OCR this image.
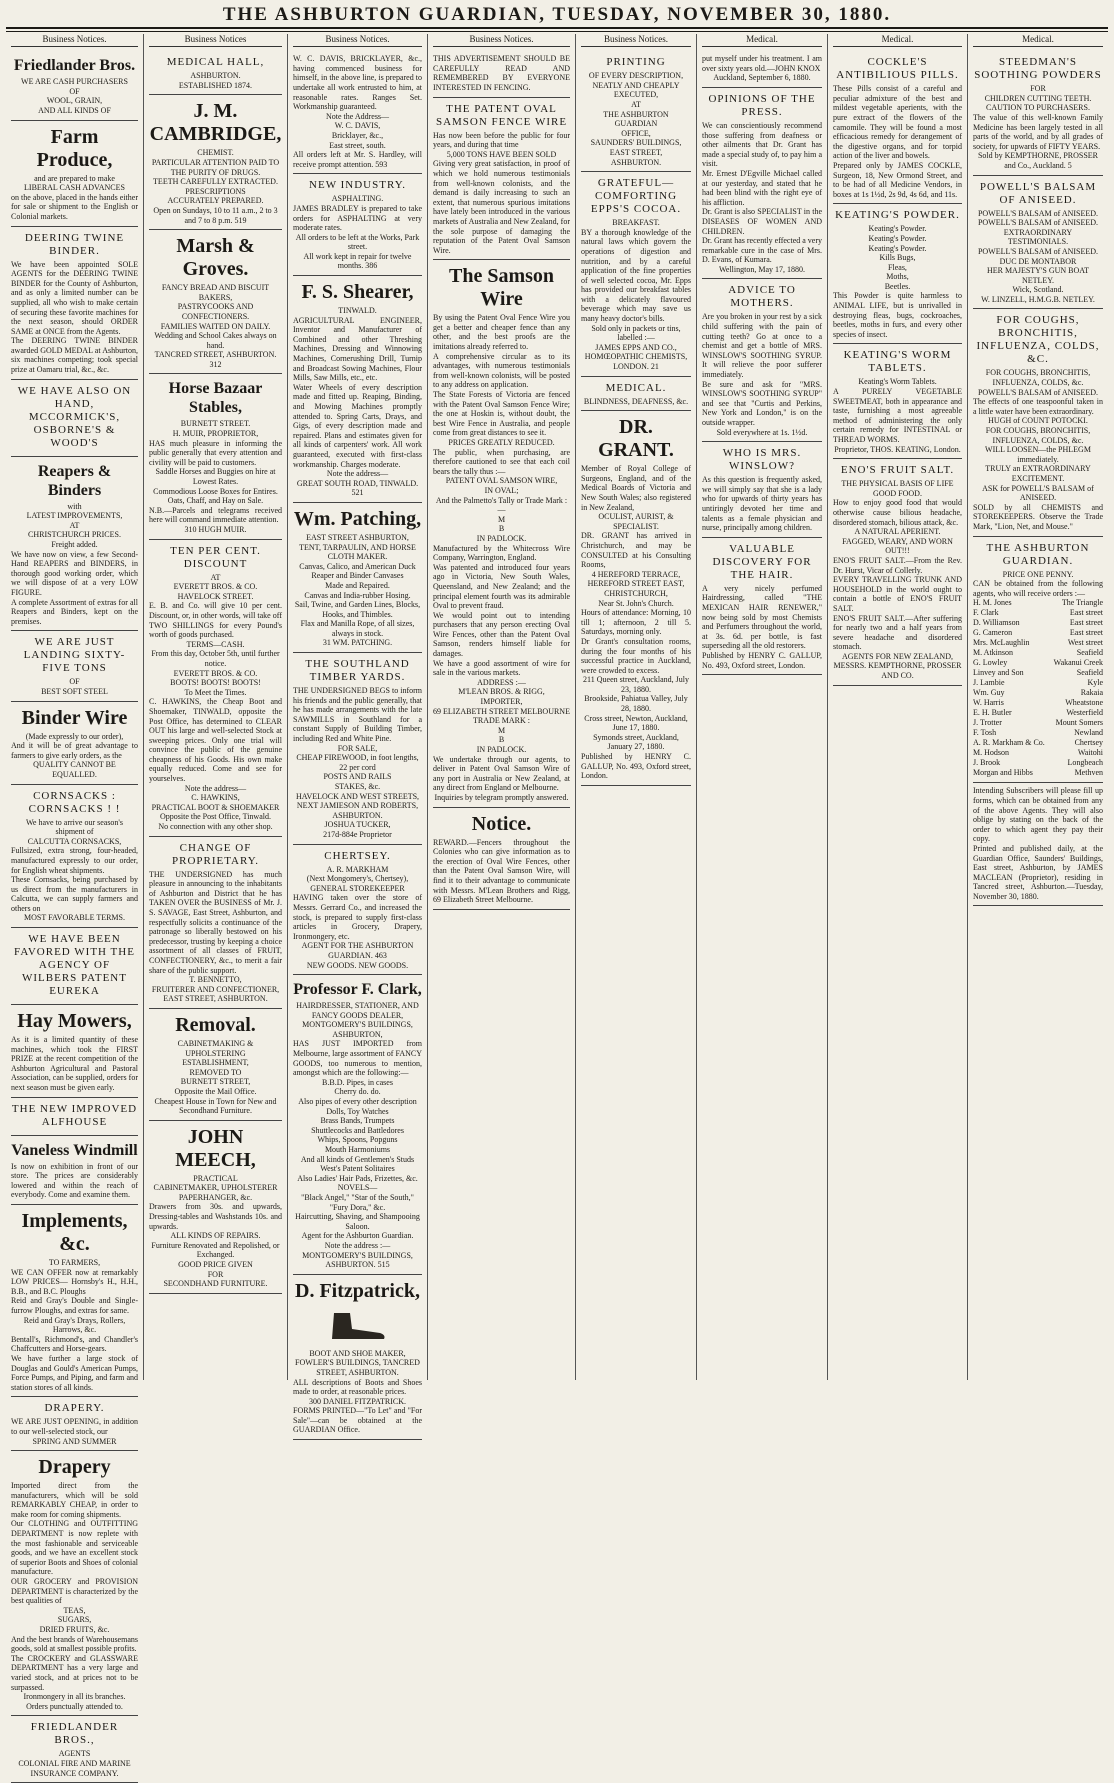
THE ASHBURTON GUARDIAN, TUESDAY, NOVEMBER 30, 1880.
Business Notices.
Friedlander Bros.
WE ARE CASH PURCHASERS
OF
WOOL, GRAIN,
AND ALL KINDS OF
Farm Produce,
and are prepared to make
LIBERAL CASH ADVANCES
on the above, placed in the hands either for sale or shipment to the English or Colonial markets.
DEERING TWINE BINDER.
We have been appointed SOLE AGENTS for the DEERING TWINE BINDER for the County of Ashburton, and as only a limited number can be supplied, all who wish to make certain of securing these favorite machines for the next season, should ORDER SAME at ONCE from the Agents.
The DEERING TWINE BINDER awarded GOLD MEDAL at Ashburton, six machines competing; took special prize at Oamaru trial, &c., &c.
WE HAVE ALSO ON HAND, MCCORMICK'S, OSBORNE'S & WOOD'S
Reapers & Binders
with
LATEST IMPROVEMENTS,
AT
CHRISTCHURCH PRICES.
Freight added.
We have now on view, a few Second-Hand REAPERS and BINDERS, in thorough good working order, which we will dispose of at a very LOW FIGURE.
A complete Assortment of extras for all Reapers and Binders, kept on the premises.
WE ARE JUST LANDING SIXTY-FIVE TONS
OF
BEST SOFT STEEL
Binder Wire
(Made expressly to our order),
And it will be of great advantage to farmers to give early orders, as the
QUALITY CANNOT BE EQUALLED.
CORNSACKS : CORNSACKS ! !
We have to arrive our season's shipment of
CALCUTTA CORNSACKS,
Fullsized, extra strong, four-headed, manufactured expressly to our order, for English wheat shipments.
These Cornsacks, being purchased by us direct from the manufacturers in Calcutta, we can supply farmers and others on
MOST FAVORABLE TERMS.
WE HAVE BEEN FAVORED WITH THE AGENCY OF WILBERS PATENT EUREKA
Hay Mowers,
As it is a limited quantity of these machines, which took the FIRST PRIZE at the recent competition of the Ashburton Agricultural and Pastoral Association, can be supplied, orders for next season must be given early.
THE NEW IMPROVED ALFHOUSE
Vaneless Windmill
Is now on exhibition in front of our store. The prices are considerably lowered and within the reach of everybody. Come and examine them.
Implements, &c.
TO FARMERS,
WE CAN OFFER now at remarkably LOW PRICES— Hornsby's H., H.H., B.B., and B.C. Ploughs
Reid and Gray's Double and Single-furrow Ploughs, and extras for same.
Reid and Gray's Drays, Rollers, Harrows, &c.
Bentall's, Richmond's, and Chandler's Chaffcutters and Horse-gears.
We have further a large stock of Douglas and Gould's American Pumps, Force Pumps, and Piping, and farm and station stores of all kinds.
DRAPERY.
WE ARE JUST OPENING, in addition to our well-selected stock, our
SPRING AND SUMMER
Drapery
Imported direct from the manufacturers, which will be sold REMARKABLY CHEAP, in order to make room for coming shipments.
Our CLOTHING and OUTFITTING DEPARTMENT is now replete with the most fashionable and serviceable goods, and we have an excellent stock of superior Boots and Shoes of colonial manufacture.
OUR GROCERY and PROVISION DEPARTMENT is characterized by the best qualities of
TEAS,
SUGARS,
DRIED FRUITS, &c.
And the best brands of Warehousemans goods, sold at smallest possible profits.
The CROCKERY and GLASSWARE DEPARTMENT has a very large and varied stock, and at prices not to be surpassed.
Ironmongery in all its branches.
Orders punctually attended to.
FRIEDLANDER BROS.,
AGENTS
COLONIAL FIRE AND MARINE INSURANCE COMPANY.
Business Notices
MEDICAL HALL,
ASHBURTON.
ESTABLISHED 1874.
J. M. CAMBRIDGE,
CHEMIST.
PARTICULAR ATTENTION PAID TO THE PURITY OF DRUGS.
TEETH CAREFULLY EXTRACTED.
PRESCRIPTIONS
ACCURATELY PREPARED.
Open on Sundays, 10 to 11 a.m., 2 to 3 and 7 to 8 p.m. 519
Marsh & Groves.
FANCY BREAD AND BISCUIT BAKERS,
PASTRYCOOKS AND CONFECTIONERS.
FAMILIES WAITED ON DAILY.
Wedding and School Cakes always on hand.
TANCRED STREET, ASHBURTON. 312
Horse Bazaar Stables,
BURNETT STREET.
H. MUIR, PROPRIETOR,
HAS much pleasure in informing the public generally that every attention and civility will be paid to customers.
Saddle Horses and Buggies on hire at Lowest Rates.
Commodious Loose Boxes for Entires.
Oats, Chaff, and Hay on Sale.
N.B.—Parcels and telegrams received here will command immediate attention.
310 HUGH MUIR.
TEN PER CENT. DISCOUNT
AT
EVERETT BROS. & CO.
HAVELOCK STREET.
E. B. and Co. will give 10 per cent. Discount, or, in other words, will take off TWO SHILLINGS for every Pound's worth of goods purchased.
TERMS—CASH.
From this day, October 5th, until further notice.
EVERETT BROS. & CO.
BOOTS! BOOTS! BOOTS!
To Meet the Times.
C. HAWKINS, the Cheap Boot and Shoemaker, TINWALD, opposite the Post Office, has determined to CLEAR OUT his large and well-selected Stock at sweeping prices. Only one trial will convince the public of the genuine cheapness of his Goods. His own make equally reduced. Come and see for yourselves.
Note the address—
C. HAWKINS,
PRACTICAL BOOT & SHOEMAKER
Opposite the Post Office, Tinwald.
No connection with any other shop.
CHANGE OF PROPRIETARY.
THE UNDERSIGNED has much pleasure in announcing to the inhabitants of Ashburton and District that he has TAKEN OVER the BUSINESS of Mr. J. S. SAVAGE, East Street, Ashburton, and respectfully solicits a continuance of the patronage so liberally bestowed on his predecessor, trusting by keeping a choice assortment of all classes of FRUIT, CONFECTIONERY, &c., to merit a fair share of the public support.
T. BENNETTO,
FRUITERER AND CONFECTIONER,
EAST STREET, ASHBURTON.
Removal.
CABINETMAKING & UPHOLSTERING
ESTABLISHMENT,
REMOVED TO
BURNETT STREET,
Opposite the Mail Office.
Cheapest House in Town for New and Secondhand Furniture.
JOHN MEECH,
PRACTICAL
CABINETMAKER, UPHOLSTERER
PAPERHANGER, &c.
Drawers from 30s. and upwards, Dressing-tables and Washstands 10s. and upwards.
ALL KINDS OF REPAIRS.
Furniture Renovated and Repolished, or Exchanged.
GOOD PRICE GIVEN
FOR
SECONDHAND FURNITURE.
Business Notices.
W. C. DAVIS, BRICKLAYER, &c., having commenced business for himself, in the above line, is prepared to undertake all work entrusted to him, at reasonable rates. Ranges Set. Workmanship guaranteed.
Note the Address—
W. C. DAVIS,
Bricklayer, &c.,
East street, south.
All orders left at Mr. S. Hardley, will receive prompt attention. 593
NEW INDUSTRY.
ASPHALTING.
JAMES BRADLEY is prepared to take orders for ASPHALTING at very moderate rates.
All orders to be left at the Works, Park street.
All work kept in repair for twelve months. 386
F. S. Shearer,
TINWALD.
AGRICULTURAL ENGINEER, Inventor and Manufacturer of Combined and other Threshing Machines, Dressing and Winnowing Machines, Cornerushing Drill, Turnip and Broadcast Sowing Machines, Flour Mills, Saw Mills, etc., etc.
Water Wheels of every description made and fitted up. Reaping, Binding, and Mowing Machines promptly attended to. Spring Carts, Drays, and Gigs, of every description made and repaired. Plans and estimates given for all kinds of carpenters' work. All work guaranteed, executed with first-class workmanship. Charges moderate.
Note the address—
GREAT SOUTH ROAD, TINWALD. 521
Wm. Patching,
EAST STREET ASHBURTON,
TENT, TARPAULIN, AND HORSE CLOTH MAKER.
Canvas, Calico, and American Duck
Reaper and Binder Canvases
Made and Repaired.
Canvas and India-rubber Hosing.
Sail, Twine, and Garden Lines, Blocks, Hooks, and Thimbles.
Flax and Manilla Rope, of all sizes, always in stock.
31 WM. PATCHING.
THE SOUTHLAND TIMBER YARDS.
THE UNDERSIGNED BEGS to inform his friends and the public generally, that he has made arrangements with the late SAWMILLS in Southland for a constant Supply of Building Timber, including Red and White Pine.
FOR SALE,
CHEAP FIREWOOD, in foot lengths, 22 per cord
POSTS AND RAILS
STAKES, &c.
HAVELOCK AND WEST STREETS,
NEXT JAMIESON AND ROBERTS,
ASHBURTON.
JOSHUA TUCKER,
217d-884e Proprietor
CHERTSEY.
A. R. MARKHAM
(Next Mongomery's, Chertsey),
GENERAL STOREKEEPER
HAVING taken over the store of Messrs. Gerrard Co., and increased the stock, is prepared to supply first-class articles in Grocery, Drapery, Ironmongery, etc.
AGENT FOR THE ASHBURTON GUARDIAN. 463
NEW GOODS. NEW GOODS.
Professor F. Clark,
HAIRDRESSER, STATIONER, AND FANCY GOODS DEALER,
MONTGOMERY'S BUILDINGS, ASHBURTON,
HAS JUST IMPORTED from Melbourne, large assortment of FANCY GOODS, too numerous to mention, amongst which are the following:—
B.B.D. Pipes, in cases
Cherry do. do.
Also pipes of every other description
Dolls, Toy Watches
Brass Bands, Trumpets
Shuttlecocks and Battledores
Whips, Spoons, Popguns
Mouth Harmoniums
And all kinds of Gentlemen's Studs
West's Patent Solitaires
Also Ladies' Hair Pads, Frizettes, &c.
NOVELS—
"Black Angel," "Star of the South," "Fury Dora," &c.
Haircutting, Shaving, and Shampooing Saloon.
Agent for the Ashburton Guardian.
Note the address :—
MONTGOMERY'S BUILDINGS, ASHBURTON. 515
D. Fitzpatrick,
BOOT AND SHOE MAKER,
FOWLER'S BUILDINGS, TANCRED STREET, ASHBURTON.
ALL descriptions of Boots and Shoes made to order, at reasonable prices.
300 DANIEL FITZPATRICK.
FORMS PRINTED—"To Let" and "For Sale"—can be obtained at the GUARDIAN Office.
Business Notices.
THIS ADVERTISEMENT SHOULD BE CAREFULLY READ AND REMEMBERED BY EVERYONE INTERESTED IN FENCING.
THE PATENT OVAL SAMSON FENCE WIRE
Has now been before the public for four years, and during that time
5,000 TONS HAVE BEEN SOLD
Giving very great satisfaction, in proof of which we hold numerous testimonials from well-known colonists, and the demand is daily increasing to such an extent, that numerous spurious imitations have lately been introduced in the various markets of Australia and New Zealand, for the sole purpose of damaging the reputation of the Patent Oval Samson Wire.
The Samson Wire
By using the Patent Oval Fence Wire you get a better and cheaper fence than any other, and the best proofs are the imitations already referred to.
A comprehensive circular as to its advantages, with numerous testimonials from well-known colonists, will be posted to any address on application.
The State Forests of Victoria are fenced with the Patent Oval Samson Fence Wire; the one at Hoskin is, without doubt, the best Wire Fence in Australia, and people come from great distances to see it.
PRICES GREATLY REDUCED.
The public, when purchasing, are therefore cautioned to see that each coil bears the tally thus :—
PATENT OVAL SAMSON WIRE,
IN OVAL;
And the Palmetto's Tally or Trade Mark :—
M
B
IN PADLOCK.
Manufactured by the Whitecross Wire Company, Warrington, England.
Was patented and introduced four years ago in Victoria, New South Wales, Queensland, and New Zealand; and the principal element fourth was its admirable Oval to prevent fraud.
We would point out to intending purchasers that any person erecting Oval Wire Fences, other than the Patent Oval Samson, renders himself liable for damages.
We have a good assortment of wire for sale in the various markets.
ADDRESS :—
M'LEAN BROS. & RIGG,
IMPORTER,
69 ELIZABETH STREET MELBOURNE
TRADE MARK :
M
B
IN PADLOCK.
We undertake through our agents, to deliver in Patent Oval Samson Wire of any port in Australia or New Zealand, at any direct from England or Melbourne.
Inquiries by telegram promptly answered.
Notice.
REWARD.—Fencers throughout the Colonies who can give information as to the erection of Oval Wire Fences, other than the Patent Oval Samson Wire, will find it to their advantage to communicate with Messrs. M'Lean Brothers and Rigg, 69 Elizabeth Street Melbourne.
Business Notices.
PRINTING
OF EVERY DESCRIPTION,
NEATLY AND CHEAPLY
EXECUTED,
AT
THE ASHBURTON GUARDIAN
OFFICE,
SAUNDERS' BUILDINGS,
EAST STREET,
ASHBURTON.
GRATEFUL—COMFORTING EPPS'S COCOA.
BREAKFAST.
BY a thorough knowledge of the natural laws which govern the operations of digestion and nutrition, and by a careful application of the fine properties of well selected cocoa, Mr. Epps has provided our breakfast tables with a delicately flavoured beverage which may save us many heavy doctor's bills.
Sold only in packets or tins, labelled :—
JAMES EPPS AND CO.,
HOMŒOPATHIC CHEMISTS,
LONDON. 21
MEDICAL.
BLINDNESS, DEAFNESS, &c.
DR. GRANT.
Member of Royal College of Surgeons, England, and of the Medical Boards of Victoria and New South Wales; also registered in New Zealand,
OCULIST, AURIST, & SPECIALIST.
DR. GRANT has arrived in Christchurch, and may be CONSULTED at his Consulting Rooms,
4 HEREFORD TERRACE,
HEREFORD STREET EAST, CHRISTCHURCH,
Near St. John's Church.
Hours of attendance: Morning, 10 till 1; afternoon, 2 till 5. Saturdays, morning only.
Dr Grant's consultation rooms, during the four months of his successful practice in Auckland, were crowded to excess.
211 Queen street, Auckland, July 23, 1880.
Brookside, Pahiatua Valley, July 28, 1880.
Cross street, Newton, Auckland, June 17, 1880.
Symonds street, Auckland, January 27, 1880.
Published by HENRY C. GALLUP, No. 493, Oxford street, London.
Medical.
put myself under his treatment. I am over sixty years old.—JOHN KNOX
Auckland, September 6, 1880.
OPINIONS OF THE PRESS.
We can conscientiously recommend those suffering from deafness or other ailments that Dr. Grant has made a special study of, to pay him a visit.
Mr. Ernest D'Egville Michael called at our yesterday, and stated that he had been blind with the right eye of his affliction.
Dr. Grant is also SPECIALIST in the DISEASES OF WOMEN AND CHILDREN.
Dr. Grant has recently effected a very remarkable cure in the case of Mrs. D. Evans, of Kumara.
Wellington, May 17, 1880.
ADVICE TO MOTHERS.
Are you broken in your rest by a sick child suffering with the pain of cutting teeth? Go at once to a chemist and get a bottle of MRS. WINSLOW'S SOOTHING SYRUP. It will relieve the poor sufferer immediately.
Be sure and ask for "MRS. WINSLOW'S SOOTHING SYRUP" and see that "Curtis and Perkins, New York and London," is on the outside wrapper.
Sold everywhere at 1s. 1½d.
WHO IS MRS. WINSLOW?
As this question is frequently asked, we will simply say that she is a lady who for upwards of thirty years has untiringly devoted her time and talents as a female physician and nurse, principally among children.
VALUABLE DISCOVERY FOR THE HAIR.
A very nicely perfumed Hairdressing, called "THE MEXICAN HAIR RENEWER," now being sold by most Chemists and Perfumers throughout the world, at 3s. 6d. per bottle, is fast superseding all the old restorers.
Published by HENRY C. GALLUP, No. 493, Oxford street, London.
Medical.
COCKLE'S ANTIBILIOUS PILLS.
These Pills consist of a careful and peculiar admixture of the best and mildest vegetable aperients, with the pure extract of the flowers of the camomile. They will be found a most efficacious remedy for derangement of the digestive organs, and for torpid action of the liver and bowels.
Prepared only by JAMES COCKLE, Surgeon, 18, New Ormond Street, and to be had of all Medicine Vendors, in boxes at 1s 1½d, 2s 9d, 4s 6d, and 11s.
KEATING'S POWDER.
Keating's Powder.
Keating's Powder.
Keating's Powder.
Kills Bugs,
Fleas,
Moths,
Beetles.
This Powder is quite harmless to ANIMAL LIFE, but is unrivalled in destroying fleas, bugs, cockroaches, beetles, moths in furs, and every other species of insect.
KEATING'S WORM TABLETS.
Keating's Worm Tablets.
A PURELY VEGETABLE SWEETMEAT, both in appearance and taste, furnishing a most agreeable method of administering the only certain remedy for INTESTINAL or THREAD WORMS.
Proprietor, THOS. KEATING, London.
ENO'S FRUIT SALT.
THE PHYSICAL BASIS OF LIFE
GOOD FOOD.
How to enjoy good food that would otherwise cause bilious headache, disordered stomach, bilious attack, &c.
A NATURAL APERIENT.
FAGGED, WEARY, AND WORN OUT!!!
ENO'S FRUIT SALT.—From the Rev. Dr. Hurst, Vicar of Collerly.
EVERY TRAVELLING TRUNK AND HOUSEHOLD in the world ought to contain a bottle of ENO'S FRUIT SALT.
ENO'S FRUIT SALT.—After suffering for nearly two and a half years from severe headache and disordered stomach.
AGENTS FOR NEW ZEALAND,
MESSRS. KEMPTHORNE, PROSSER AND CO.
Medical.
STEEDMAN'S SOOTHING POWDERS
FOR
CHILDREN CUTTING TEETH.
CAUTION TO PURCHASERS.
The value of this well-known Family Medicine has been largely tested in all parts of the world, and by all grades of society, for upwards of FIFTY YEARS.
Sold by KEMPTHORNE, PROSSER and Co., Auckland. 5
POWELL'S BALSAM OF ANISEED.
POWELL'S BALSAM of ANISEED.
POWELL'S BALSAM of ANISEED.
EXTRAORDINARY TESTIMONIALS.
POWELL'S BALSAM of ANISEED.
DUC DE MONTABOR
HER MAJESTY'S GUN BOAT NETLEY.
Wick, Scotland.
W. LINZELL, H.M.G.B. NETLEY.
FOR COUGHS, BRONCHITIS, INFLUENZA, COLDS, &C.
FOR COUGHS, BRONCHITIS, INFLUENZA, COLDS, &c.
POWELL'S BALSAM of ANISEED.
The effects of one teaspoonful taken in a little water have been extraordinary.
HUGH of COUNT POTOCKI.
FOR COUGHS, BRONCHITIS, INFLUENZA, COLDS, &c.
WILL LOOSEN—the PHLEGM immediately.
TRULY an EXTRAORDINARY EXCITEMENT.
ASK for POWELL'S BALSAM of ANISEED.
SOLD by all CHEMISTS and STOREKEEPERS. Observe the Trade Mark, "Lion, Net, and Mouse."
THE ASHBURTON GUARDIAN.
PRICE ONE PENNY.
CAN be obtained from the following agents, who will receive orders :—
H. M. Jones	The Triangle
F. Clark	East street
D. Williamson	East street
G. Cameron	East street
Mrs. McLaughlin	West street
M. Atkinson	Seafield
G. Lowley	Wakanui Creek
Linvey and Son	Seafield
J. Lambie	Kyle
Wm. Guy	Rakaia
W. Harris	Wheatstone
E. H. Butler	Westerfield
J. Trotter	Mount Somers
F. Tosh	Newland
A. R. Markham & Co.	Chertsey
M. Hodson	Waitohi
J. Brook	Longbeach
Morgan and Hibbs	Methven
Intending Subscribers will please fill up forms, which can be obtained from any of the above Agents. They will also oblige by stating on the back of the order to which agent they pay their copy.
Printed and published daily, at the Guardian Office, Saunders' Buildings, East street, Ashburton, by JAMES MACLEAN (Proprietor), residing in Tancred street, Ashburton.—Tuesday, November 30, 1880.
